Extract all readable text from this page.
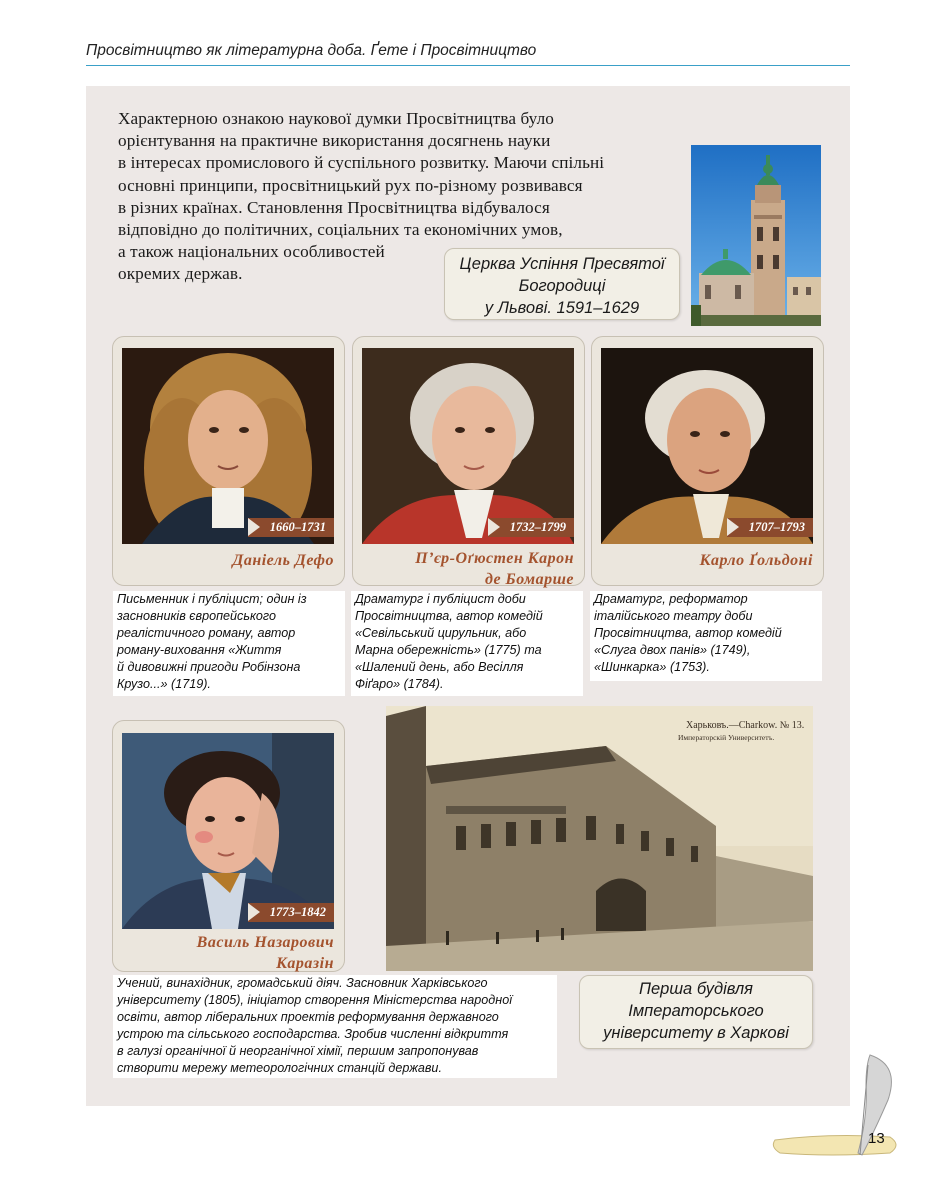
Просвітництво як літературна доба. Ґете і Просвітництво
Характерною ознакою наукової думки Просвітництва було
орієнтування на практичне використання досягнень науки
в інтересах промислового й суспільного розвитку. Маючи спільні
основні принципи, просвітницький рух по-різному розвивався
в різних країнах. Становлення Просвітництва відбувалося
відповідно до політичних, соціальних та економічних умов,
а також національних особливостей
окремих держав.
Церква Успіння Пресвятої
Богородиці
у Львові. 1591–1629
1660–1731
Даніель Дефо
1732–1799
П’єр-Оґюстен Карон
де Бомарше
1707–1793
Карло Ґольдоні
Письменник і публіцист; один із
засновників європейського
реалістичного роману, автор
роману-виховання «Життя
й дивовижні пригоди Робінзона
Крузо...» (1719).
Драматург і публіцист доби
Просвітництва, автор комедій
«Севільський цирульник, або
Марна обережність» (1775) та
«Шалений день, або Весілля
Фіґаро» (1784).
Драматург, реформатор
італійського театру доби
Просвітництва, автор комедій
«Слуга двох панів» (1749),
«Шинкарка» (1753).
1773–1842
Василь Назарович
Каразін
Харьковъ.—Charkow. № 13.
Императорскiй Университетъ.
Учений, винахідник, громадський діяч. Засновник Харківського
університету (1805), ініціатор створення Міністерства народної
освіти, автор ліберальних проектів реформування державного
устрою та сільського господарства. Зробив численні відкриття
в галузі органічної й неорганічної хімії, першим запропонував
створити мережу метеорологічних станцій держави.
Перша будівля
Імператорського
університету в Харкові
13
